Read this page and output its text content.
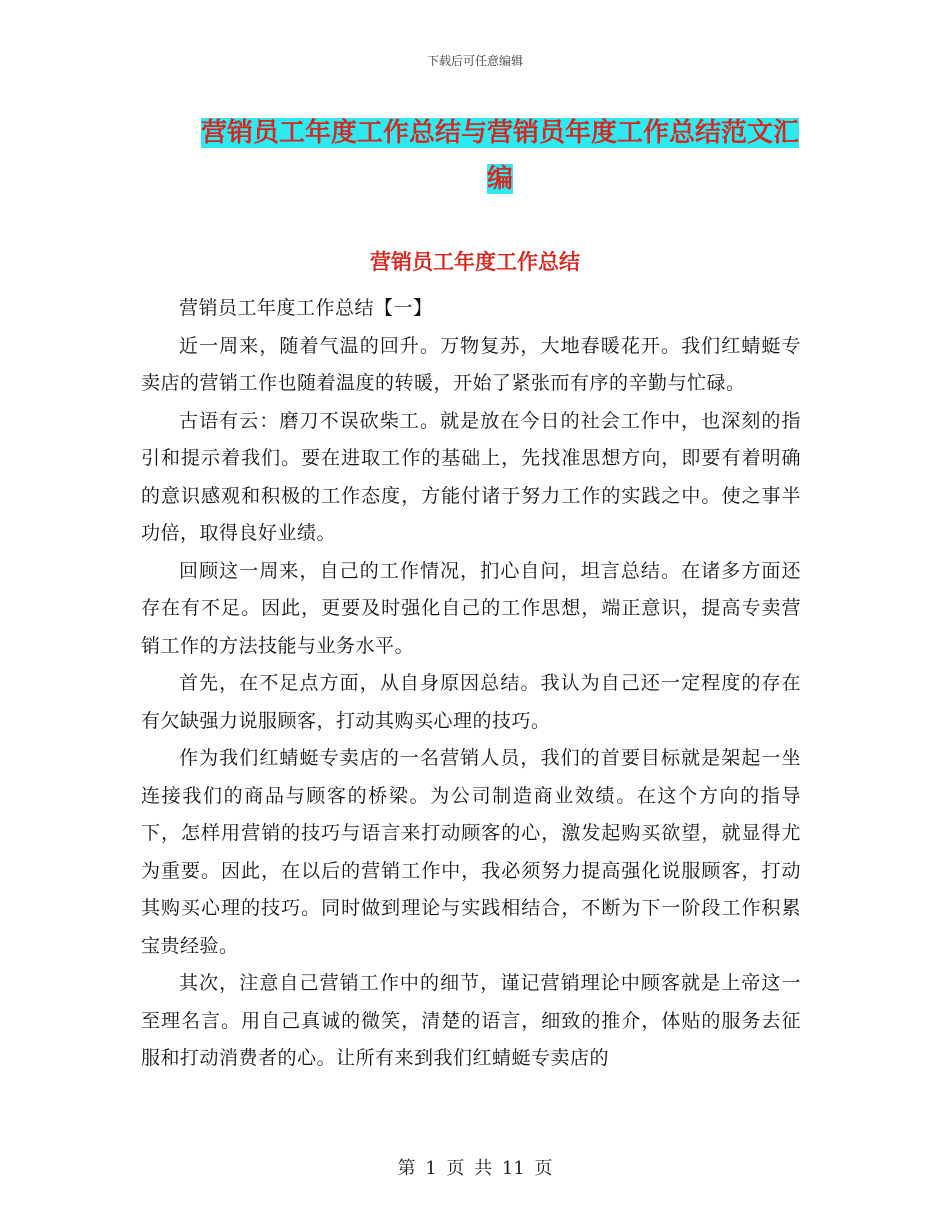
下载后可任意编辑
营销员工年度工作总结与营销员年度工作总结范文汇编
营销员工年度工作总结

营销员工年度工作总结【一】

近一周来，随着气温的回升。万物复苏，大地春暖花开。我们红蜻蜓专卖店的营销工作也随着温度的转暖，开始了紧张而有序的辛勤与忙碌。

古语有云：磨刀不误砍柴工。就是放在今日的社会工作中，也深刻的指引和提示着我们。要在进取工作的基础上，先找准思想方向，即要有着明确的意识感观和积极的工作态度，方能付诸于努力工作的实践之中。使之事半功倍，取得良好业绩。

回顾这一周来，自己的工作情况，扪心自问，坦言总结。在诸多方面还存在有不足。因此，更要及时强化自己的工作思想，端正意识，提高专卖营销工作的方法技能与业务水平。

首先，在不足点方面，从自身原因总结。我认为自己还一定程度的存在有欠缺强力说服顾客，打动其购买心理的技巧。

作为我们红蜻蜓专卖店的一名营销人员，我们的首要目标就是架起一坐连接我们的商品与顾客的桥梁。为公司制造商业效绩。在这个方向的指导下，怎样用营销的技巧与语言来打动顾客的心，激发起购买欲望，就显得尤为重要。因此，在以后的营销工作中，我必须努力提高强化说服顾客，打动其购买心理的技巧。同时做到理论与实践相结合，不断为下一阶段工作积累宝贵经验。

其次，注意自己营销工作中的细节，谨记营销理论中顾客就是上帝这一至理名言。用自己真诚的微笑，清楚的语言，细致的推介，体贴的服务去征服和打动消费者的心。让所有来到我们红蜻蜓专卖店的

第 1 页 共 11 页
